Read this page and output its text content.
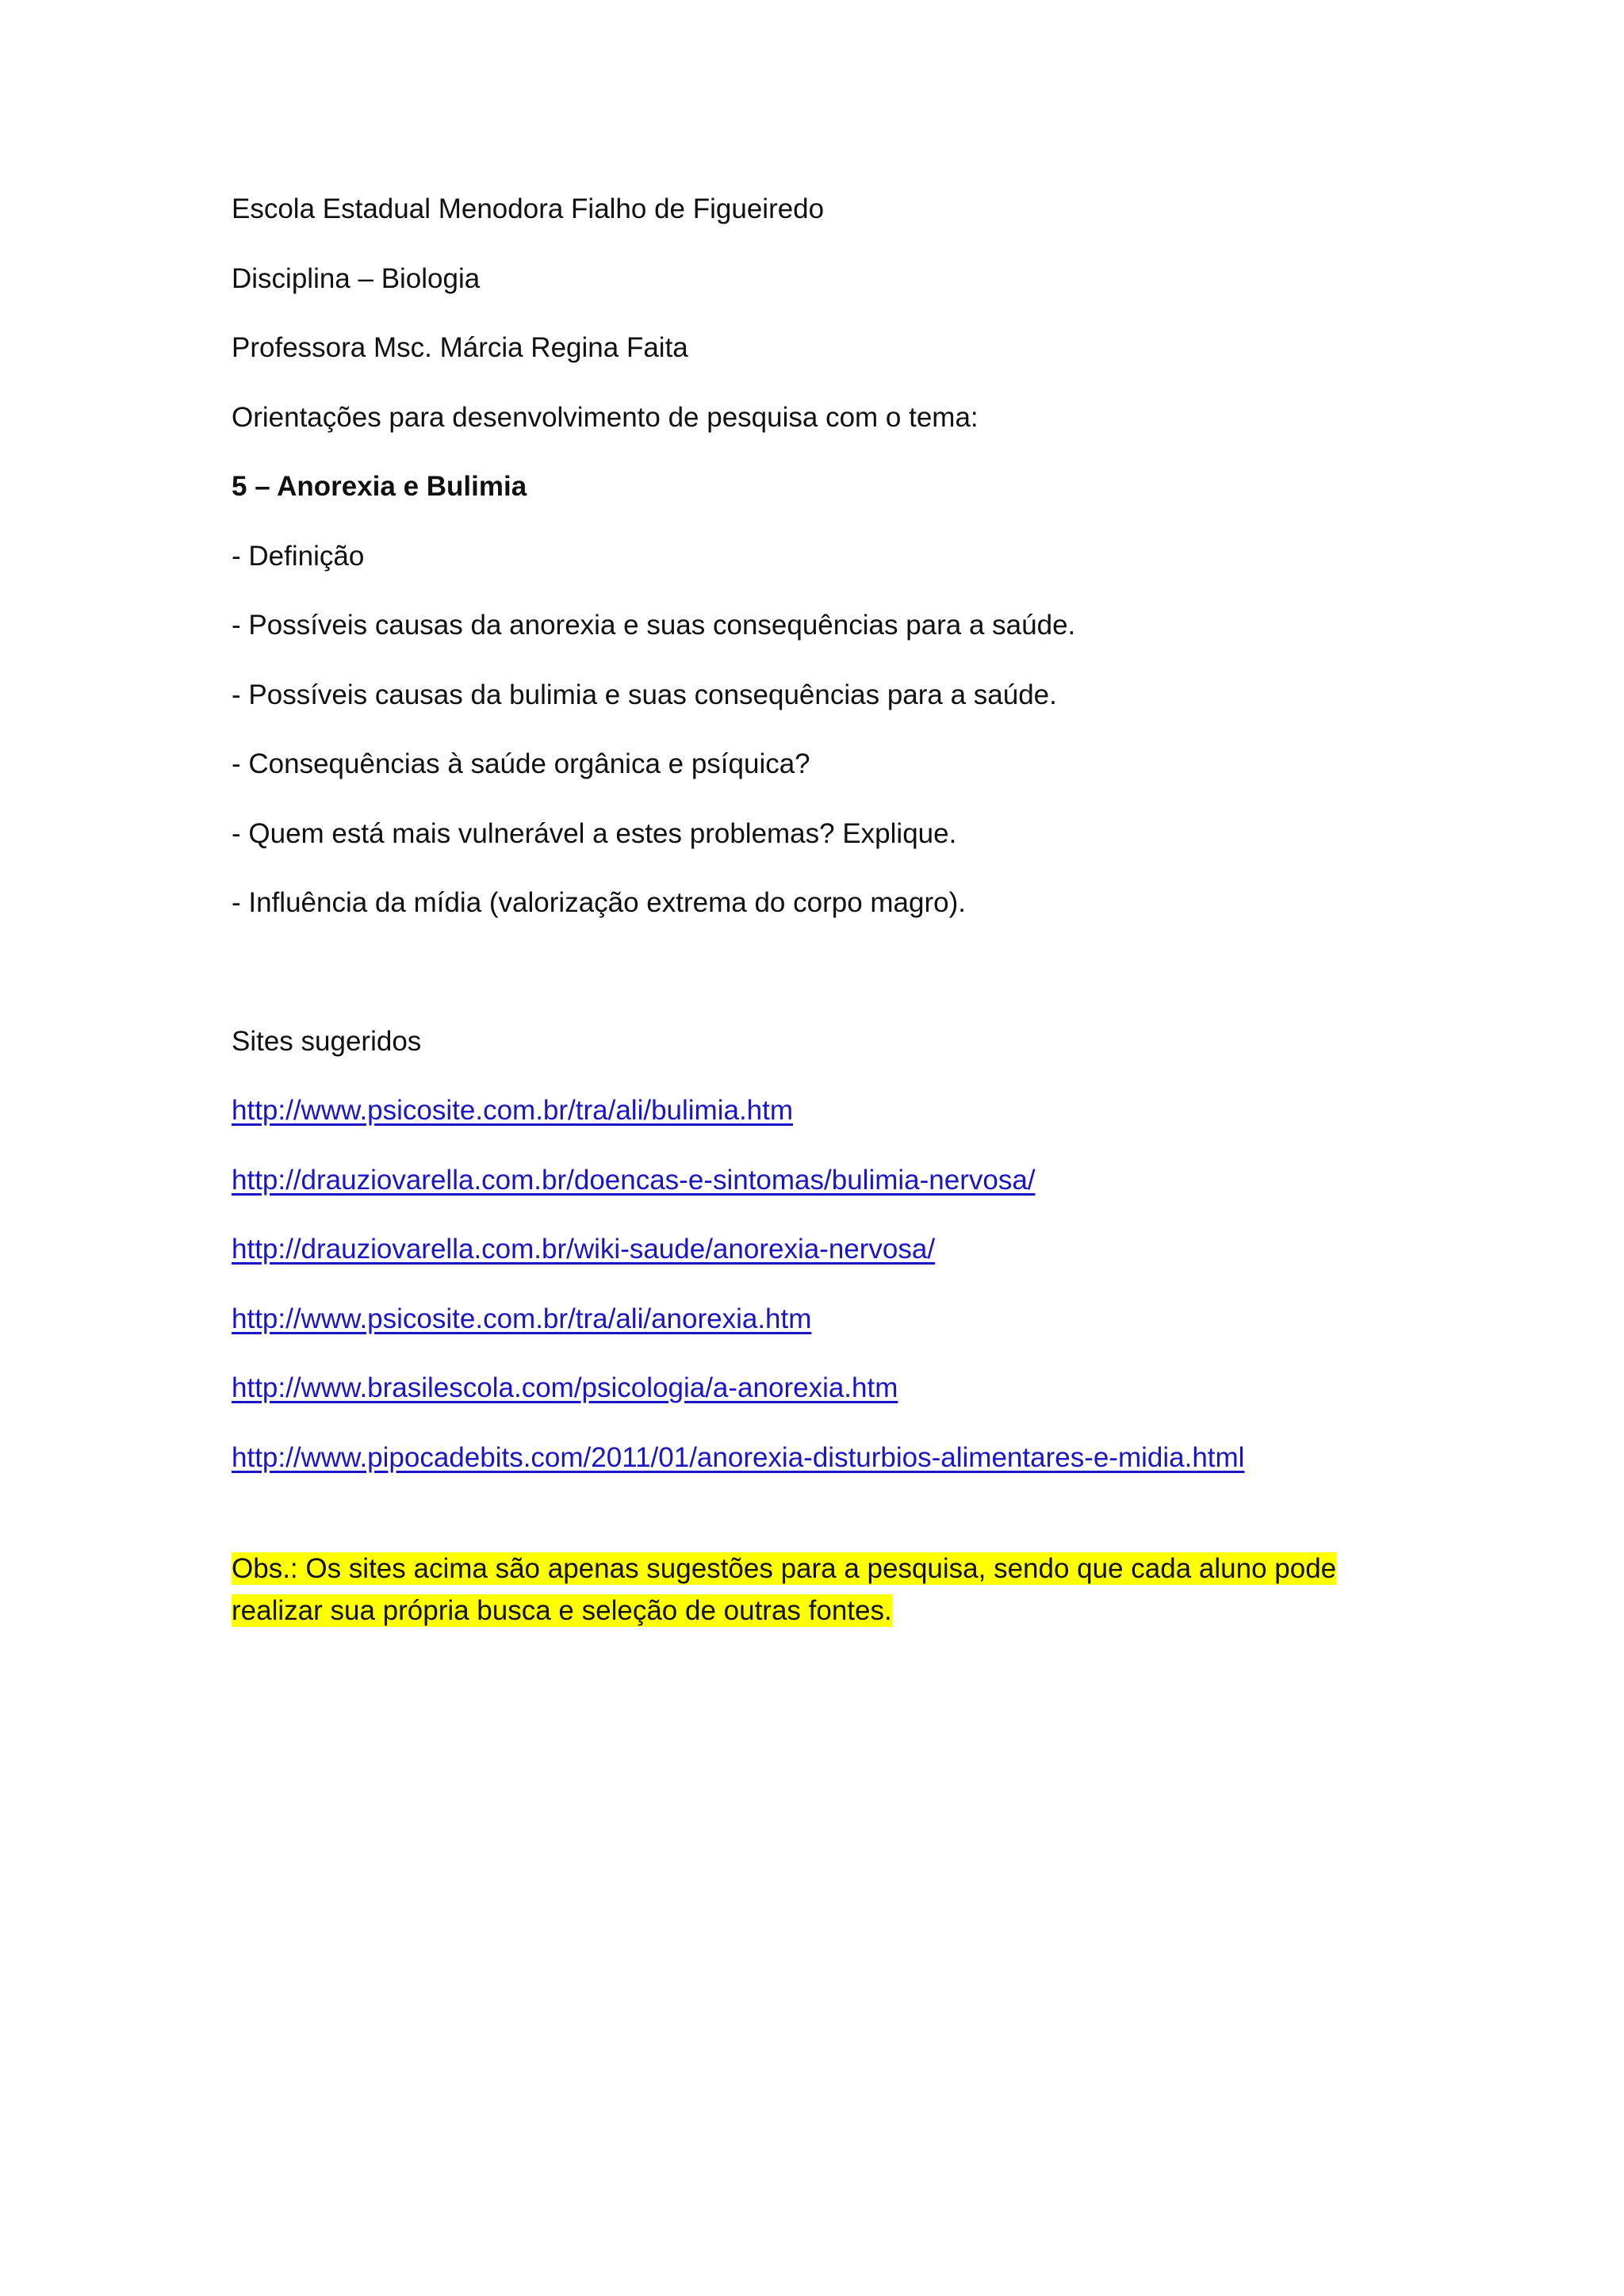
Escola Estadual Menodora Fialho de Figueiredo
Disciplina – Biologia
Professora Msc. Márcia Regina Faita
Orientações para desenvolvimento de pesquisa com o tema:
5 – Anorexia e Bulimia
- Definição
- Possíveis causas da anorexia e suas consequências para a saúde.
- Possíveis causas da bulimia e suas consequências para a saúde.
- Consequências à saúde orgânica e psíquica?
- Quem está mais vulnerável a estes problemas? Explique.
- Influência da mídia (valorização extrema do corpo magro).
Sites sugeridos
http://www.psicosite.com.br/tra/ali/bulimia.htm
http://drauziovarella.com.br/doencas-e-sintomas/bulimia-nervosa/
http://drauziovarella.com.br/wiki-saude/anorexia-nervosa/
http://www.psicosite.com.br/tra/ali/anorexia.htm
http://www.brasilescola.com/psicologia/a-anorexia.htm
http://www.pipocadebits.com/2011/01/anorexia-disturbios-alimentares-e-midia.html
Obs.: Os sites acima são apenas sugestões para a pesquisa, sendo que cada aluno pode realizar sua própria busca e seleção de outras fontes.
